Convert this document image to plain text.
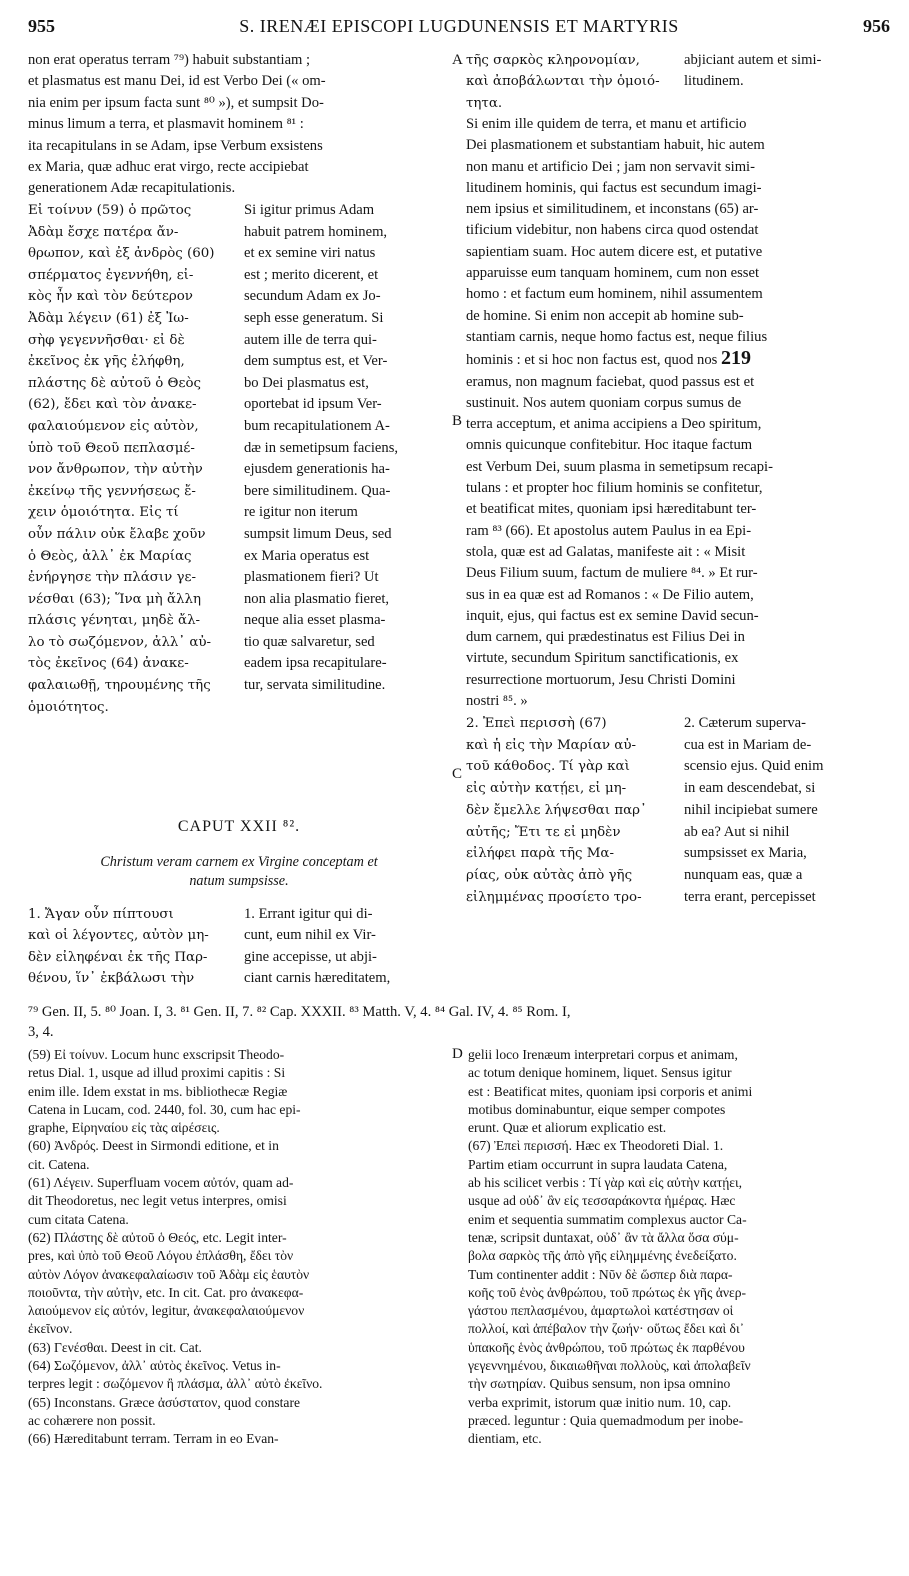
955	S. IRENÆI EPISCOPI LUGDUNENSIS ET MARTYRIS	956
non erat operatus terram ⁷⁹) habuit substantiam ;
et plasmatus est manu Dei, id est Verbo Dei (« om-
nia enim per ipsum facta sunt ⁸⁰ »), et sumpsit Do-
minus limum a terra, et plasmavit hominem ⁸¹ :
ita recapitulans in se Adam, ipse Verbum exsistens
ex Maria, quæ adhuc erat virgo, recte accipiebat
generationem Adæ recapitulationis.
Εἰ τοίνυν (59) ὁ πρῶτος
Ἀδὰμ ἔσχε πατέρα ἄν-
θρωπον, καὶ ἐξ ἀνδρὸς (60)
σπέρματος ἐγεννήθη, εἰ-
κὸς ἦν καὶ τὸν δεύτερον
Ἀδὰμ λέγειν (61) ἐξ Ἰω-
σὴφ γεγεννῆσθαι· εἰ δὲ
ἐκεῖνος ἐκ γῆς ἐλήφθη,
πλάστης δὲ αὐτοῦ ὁ Θεὸς
(62), ἔδει καὶ τὸν ἀνακε-
φαλαιούμενον εἰς αὐτὸν,
ὑπὸ τοῦ Θεοῦ πεπλασμέ-
νον ἄνθρωπον, τὴν αὐτὴν
ἐκείνῳ τῆς γεννήσεως ἔ-
χειν ὁμοιότητα. Εἰς τί
οὖν πάλιν οὐκ ἔλαβε χοῦν
ὁ Θεὸς, ἀλλ᾽ ἐκ Μαρίας
ἐνήργησε τὴν πλάσιν γε-
νέσθαι (63); Ἵνα μὴ ἄλλη
πλάσις γένηται, μηδὲ ἄλ-
λο τὸ σωζόμενον, ἀλλ᾽ αὐ-
τὸς ἐκεῖνος (64) ἀνακε-
φαλαιωθῇ, τηρουμένης τῆς
ὁμοιότητος.
Si igitur primus Adam
habuit patrem hominem,
et ex semine viri natus
est ; merito dicerent, et
secundum Adam ex Jo-
seph esse generatum. Si
autem ille de terra qui-
dem sumptus est, et Ver-
bo Dei plasmatus est,
oportebat id ipsum Ver-
bum recapitulationem A-
dæ in semetipsum faciens,
ejusdem generationis ha-
bere similitudinem. Qua-
re igitur non iterum
sumpsit limum Deus, sed
ex Maria operatus est
plasmationem fieri? Ut
non alia plasmatio fieret,
neque alia esset plasma-
tio quæ salvaretur, sed
eadem ipsa recapitulare-
tur, servata similitudine.
CAPUT XXII ⁸².
Christum veram carnem ex Virgine conceptam et
natum sumpsisse.
1. Ἄγαν οὖν πίπτουσι
καὶ οἱ λέγοντες, αὐτὸν μη-
δὲν εἰληφέναι ἐκ τῆς Παρ-
θένου, ἵν᾽ ἐκβάλωσι τὴν
1. Errant igitur qui di-
cunt, eum nihil ex Vir-
gine accepisse, ut abji-
ciant carnis hæreditatem,
τῆς σαρκὸς κληρονομίαν,
καὶ ἀποβάλωνται τὴν ὁμοιό-
τητα.
abjiciant autem et simi-
litudinem.
Si enim ille quidem de terra, et manu et artificio
Dei plasmationem et substantiam habuit, hic autem
non manu et artificio Dei ; jam non servavit simi-
litudinem hominis, qui factus est secundum imagi-
nem ipsius et similitudinem, et inconstans (65) ar-
tificium videbitur, non habens circa quod ostendat
sapientiam suam. Hoc autem dicere est, et putative
apparuisse eum tanquam hominem, cum non esset
homo : et factum eum hominem, nihil assumentem
de homine. Si enim non accepit ab homine sub-
stantiam carnis, neque homo factus est, neque filius
hominis : et si hoc non factus est, quod nos 219
eramus, non magnum faciebat, quod passus est et
sustinuit. Nos autem quoniam corpus sumus de
terra acceptum, et anima accipiens a Deo spiritum,
omnis quicunque confitebitur. Hoc itaque factum
est Verbum Dei, suum plasma in semetipsum recapi-
tulans : et propter hoc filium hominis se confitetur,
et beatificat mites, quoniam ipsi hæreditabunt ter-
ram ⁸³ (66). Et apostolus autem Paulus in ea Epi-
stola, quæ est ad Galatas, manifeste ait : « Misit
Deus Filium suum, factum de muliere ⁸⁴. » Et rur-
sus in ea quæ est ad Romanos : « De Filio autem,
inquit, ejus, qui factus est ex semine David secun-
dum carnem, qui prædestinatus est Filius Dei in
virtute, secundum Spiritum sanctificationis, ex
resurrectione mortuorum, Jesu Christi Domini
nostri ⁸⁵. »
2. Ἐπεὶ περισσὴ (67)
καὶ ἡ εἰς τὴν Μαρίαν αὐ-
τοῦ κάθοδος. Τί γὰρ καὶ
εἰς αὐτὴν κατῄει, εἰ μη-
δὲν ἔμελλε λήψεσθαι παρ᾽
αὐτῆς; Ἔτι τε εἰ μηδὲν
εἰλήφει παρὰ τῆς Μα-
ρίας, οὐκ αὐτὰς ἀπὸ γῆς
εἰλημμένας προσίετο τρο-
2. Cæterum superva-
cua est in Mariam de-
scensio ejus. Quid enim
in eam descendebat, si
nihil incipiebat sumere
ab ea? Aut si nihil
sumpsisset ex Maria,
nunquam eas, quæ a
terra erant, percepisset
A
B
C
D
⁷⁹ Gen. II, 5. ⁸⁰ Joan. I, 3. ⁸¹ Gen. II, 7. ⁸² Cap. XXXII. ⁸³ Matth. V, 4. ⁸⁴ Gal. IV, 4. ⁸⁵ Rom. I,
3, 4.
(59) Εἰ τοίνυν. Locum hunc exscripsit Theodo-
retus Dial. 1, usque ad illud proximi capitis : Si
enim ille. Idem exstat in ms. bibliothecæ Regiæ
Catena in Lucam, cod. 2440, fol. 30, cum hac epi-
graphe, Εἰρηναίου εἰς τὰς αἱρέσεις.
(60) Ἀνδρός. Deest in Sirmondi editione, et in
cit. Catena.
(61) Λέγειν. Superfluam vocem αὐτόν, quam ad-
dit Theodoretus, nec legit vetus interpres, omisi
cum citata Catena.
(62) Πλάστης δὲ αὐτοῦ ὁ Θεός, etc. Legit inter-
pres, καὶ ὑπὸ τοῦ Θεοῦ Λόγου ἐπλάσθη, ἔδει τὸν
αὐτὸν Λόγον ἀνακεφαλαίωσιν τοῦ Ἀδὰμ εἰς ἑαυτὸν
ποιοῦντα, τὴν αὐτὴν, etc. In cit. Cat. pro ἀνακεφα-
λαιούμενον εἰς αὐτόν, legitur, ἀνακεφαλαιούμενον
ἐκεῖνον.
(63) Γενέσθαι. Deest in cit. Cat.
(64) Σωζόμενον, ἀλλ᾽ αὐτὸς ἐκεῖνος. Vetus in-
terpres legit : σωζόμενον ἢ πλάσμα, ἀλλ᾽ αὐτὸ ἐκεῖνο.
(65) Inconstans. Græce ἀσύστατον, quod constare
ac cohærere non possit.
(66) Hæreditabunt terram. Terram in eo Evan-
gelii loco Irenæum interpretari corpus et animam,
ac totum denique hominem, liquet. Sensus igitur
est : Beatificat mites, quoniam ipsi corporis et animi
motibus dominabuntur, eique semper compotes
erunt. Quæ et aliorum explicatio est.
(67) Ἐπεὶ περισσή. Hæc ex Theodoreti Dial. 1.
Partim etiam occurrunt in supra laudata Catena,
ab his scilicet verbis : Τί γὰρ καὶ εἰς αὐτὴν κατῄει,
usque ad οὐδ᾽ ἂν εἰς τεσσαράκοντα ἡμέρας. Hæc
enim et sequentia summatim complexus auctor Ca-
tenæ, scripsit duntaxat, οὐδ᾽ ἂν τὰ ἄλλα ὅσα σύμ-
βολα σαρκὸς τῆς ἀπὸ γῆς εἰλημμένης ἐνεδείξατο.
Tum continenter addit : Νῦν δὲ ὥσπερ διὰ παρα-
κοῆς τοῦ ἑνὸς ἀνθρώπου, τοῦ πρώτως ἐκ γῆς ἀνερ-
γάστου πεπλασμένου, ἁμαρτωλοὶ κατέστησαν οἱ
πολλοί, καὶ ἀπέβαλον τὴν ζωήν· οὕτως ἔδει καὶ δι᾽
ὑπακοῆς ἑνὸς ἀνθρώπου, τοῦ πρώτως ἐκ παρθένου
γεγεννημένου, δικαιωθῆναι πολλοὺς, καὶ ἀπολαβεῖν
τὴν σωτηρίαν. Quibus sensum, non ipsa omnino
verba exprimit, istorum quæ initio num. 10, cap.
præced. leguntur : Quia quemadmodum per inobe-
dientiam, etc.
